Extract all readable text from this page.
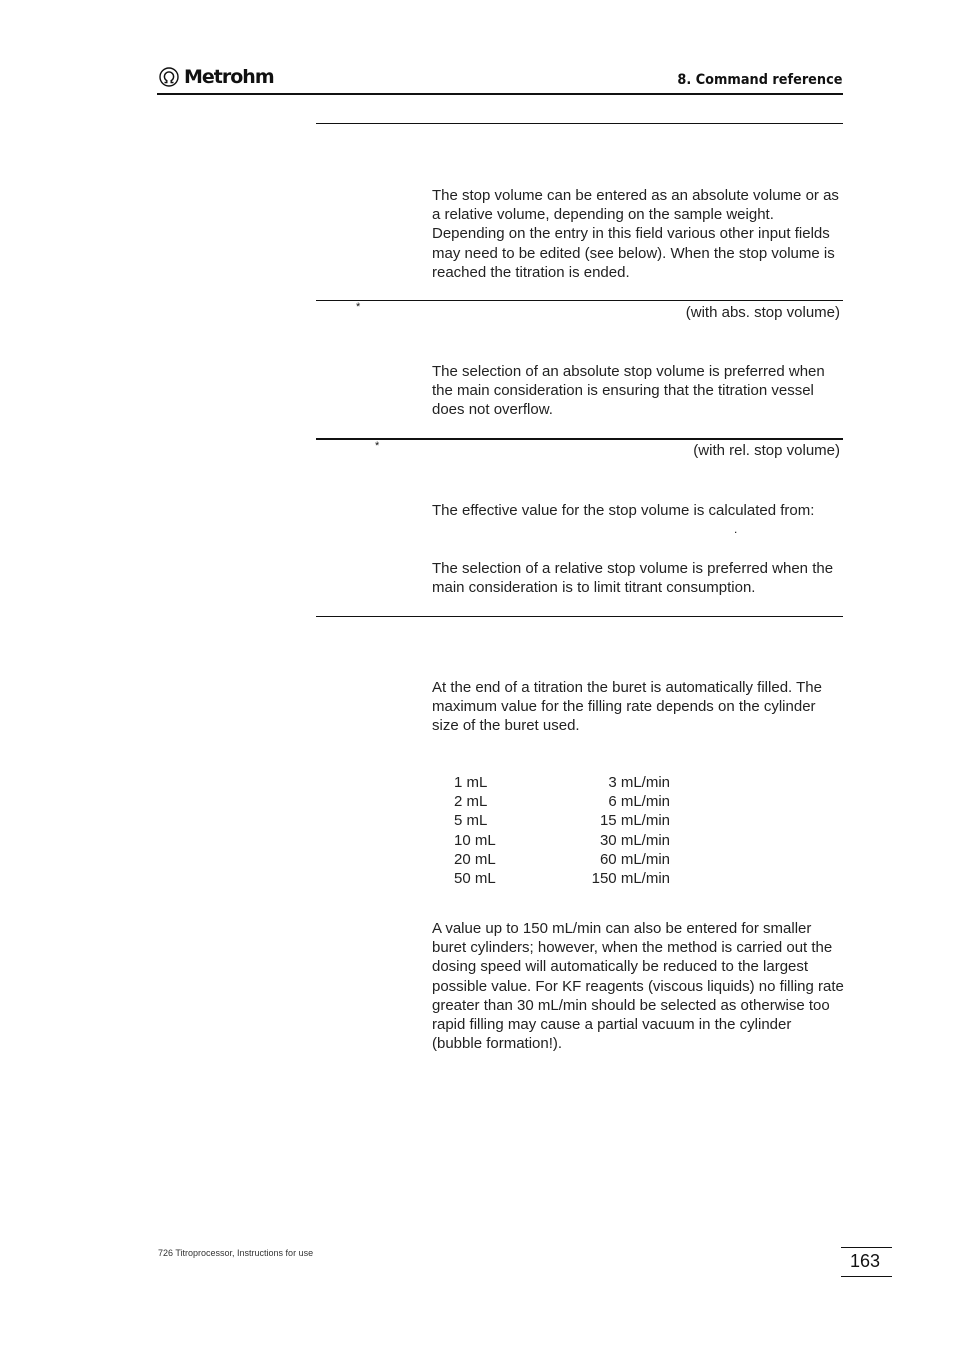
Metrohm	8. Command reference

The stop volume can be entered as an absolute volume or as a relative volume, depending on the sample weight. Depending on the entry in this field various other input fields may need to be edited (see below). When the stop volume is reached the titration is ended.

*	(with abs. stop volume)

The selection of an absolute stop volume is preferred when the main consideration is ensuring that the titration vessel does not overflow.

*	(with rel. stop volume)

The effective value for the stop volume is calculated from:

.

The selection of a relative stop volume is preferred when the main consideration is to limit titrant consumption.

At the end of a titration the buret is automatically filled. The maximum value for the filling rate depends on the cylinder size of the buret used.

1 mL	3 mL/min
2 mL	6 mL/min
5 mL	15 mL/min
10 mL	30 mL/min
20 mL	60 mL/min
50 mL	150 mL/min

A value up to 150 mL/min can also be entered for smaller buret cylinders; however, when the method is carried out the dosing speed will automatically be reduced to the largest possible value. For KF reagents (viscous liquids) no filling rate greater than 30 mL/min should be selected as otherwise too rapid filling may cause a partial vacuum in the cylinder (bubble formation!).

726 Titroprocessor, Instructions for use	163
